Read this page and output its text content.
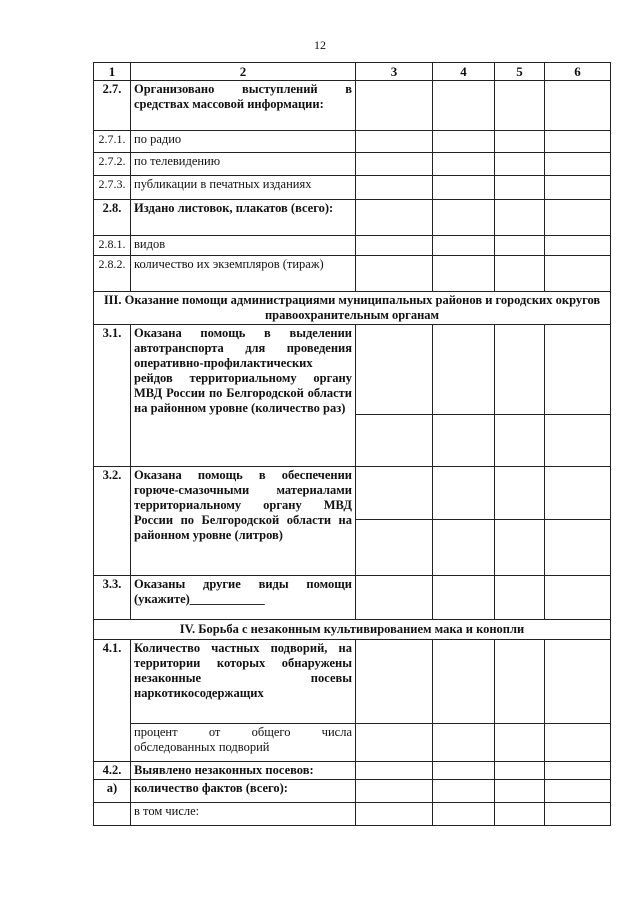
12
1	2	3	4	5	6
2.7.	Организовано выступлений в средствах массовой информации:				
2.7.1.	по радио				
2.7.2.	по телевидению				
2.7.3.	публикации в печатных изданиях				
2.8.	Издано листовок, плакатов (всего):				
2.8.1.	видов				
2.8.2.	количество их экземпляров (тираж)				
III. Оказание помощи администрациями муниципальных районов и городских округов правоохранительным органам					
3.1.	Оказана помощь в выделении автотранспорта для проведения оперативно-профилактических рейдов территориальному органу МВД России по Белгородской области на районном уровне (количество раз)				

3.2.	Оказана помощь в обеспечении горюче-смазочными материалами территориальному органу МВД России по Белгородской области на районном уровне (литров)				

3.3.	Оказаны другие виды помощи (укажите)____________				
IV. Борьба с незаконным культивированием мака и конопли					
4.1.	Количество частных подворий, на территории которых обнаружены незаконные посевы наркотикосодержащих				
	процент от общего числа обследованных подворий				
4.2.	Выявлено незаконных посевов:				
а)	количество фактов (всего):				
	в том числе:				
